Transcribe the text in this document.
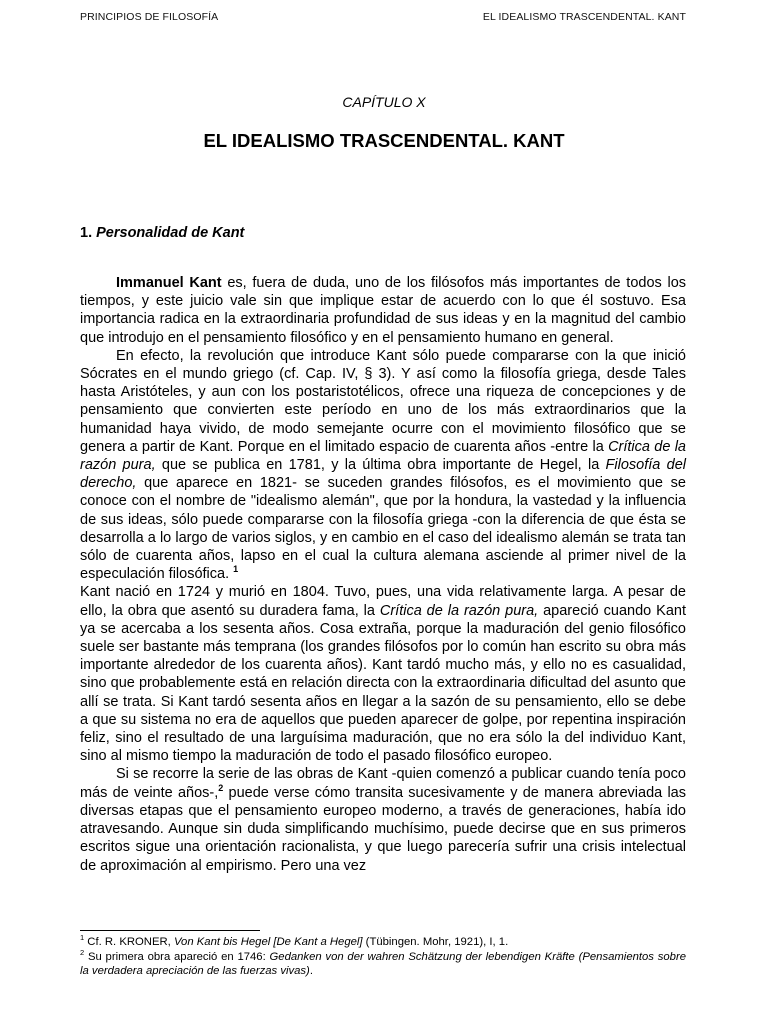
PRINCIPIOS DE FILOSOFÍA	EL IDEALISMO TRASCENDENTAL. KANT
CAPÍTULO X
EL IDEALISMO TRASCENDENTAL. KANT
1. Personalidad de Kant

Immanuel Kant es, fuera de duda, uno de los filósofos más importantes de todos los tiempos, y este juicio vale sin que implique estar de acuerdo con lo que él sostuvo. Esa importancia radica en la extraordinaria profundidad de sus ideas y en la magnitud del cambio que introdujo en el pensamiento filosófico y en el pensamiento humano en general.

En efecto, la revolución que introduce Kant sólo puede compararse con la que inició Sócrates en el mundo griego (cf. Cap. IV, § 3). Y así como la filosofía griega, desde Tales hasta Aristóteles, y aun con los postaristotélicos, ofrece una riqueza de concepciones y de pensamiento que convierten este período en uno de los más extraordinarios que la humanidad haya vivido, de modo semejante ocurre con el movimiento filosófico que se genera a partir de Kant. Porque en el limitado espacio de cuarenta años -entre la Crítica de la razón pura, que se publica en 1781, y la última obra importante de Hegel, la Filosofía del derecho, que aparece en 1821- se suceden grandes filósofos, es el movimiento que se conoce con el nombre de "idealismo alemán", que por la hondura, la vastedad y la influencia de sus ideas, sólo puede compararse con la filosofía griega -con la diferencia de que ésta se desarrolla a lo largo de varios siglos, y en cambio en el caso del idealismo alemán se trata tan sólo de cuarenta años, lapso en el cual la cultura alemana asciende al primer nivel de la especulación filosófica. $^1$

Kant nació en 1724 y murió en 1804. Tuvo, pues, una vida relativamente larga. A pesar de ello, la obra que asentó su duradera fama, la Crítica de la razón pura, apareció cuando Kant ya se acercaba a los sesenta años. Cosa extraña, porque la maduración del genio filosófico suele ser bastante más temprana (los grandes filósofos por lo común han escrito su obra más importante alrededor de los cuarenta años). Kant tardó mucho más, y ello no es casualidad, sino que probablemente está en relación directa con la extraordinaria dificultad del asunto que allí se trata. Si Kant tardó sesenta años en llegar a la sazón de su pensamiento, ello se debe a que su sistema no era de aquellos que pueden aparecer de golpe, por repentina inspiración feliz, sino el resultado de una larguísima maduración, que no era sólo la del individuo Kant, sino al mismo tiempo la maduración de todo el pasado filosófico europeo.

Si se recorre la serie de las obras de Kant -quien comenzó a publicar cuando tenía poco más de veinte años-,$^2$ puede verse cómo transita sucesivamente y de manera abreviada las diversas etapas que el pensamiento europeo moderno, a través de generaciones, había ido atravesando. Aunque sin duda simplificando muchísimo, puede decirse que en sus primeros escritos sigue una orientación racionalista, y que luego parecería sufrir una crisis intelectual de aproximación al empirismo. Pero una vez

$^1$ Cf. R. KRONER, Von Kant bis Hegel [De Kant a Hegel] (Tübingen. Mohr, 1921), I, 1.

$^2$ Su primera obra apareció en 1746: Gedanken von der wahren Schätzung der lebendigen Kräfte (Pensamientos sobre la verdadera apreciación de las fuerzas vivas).
